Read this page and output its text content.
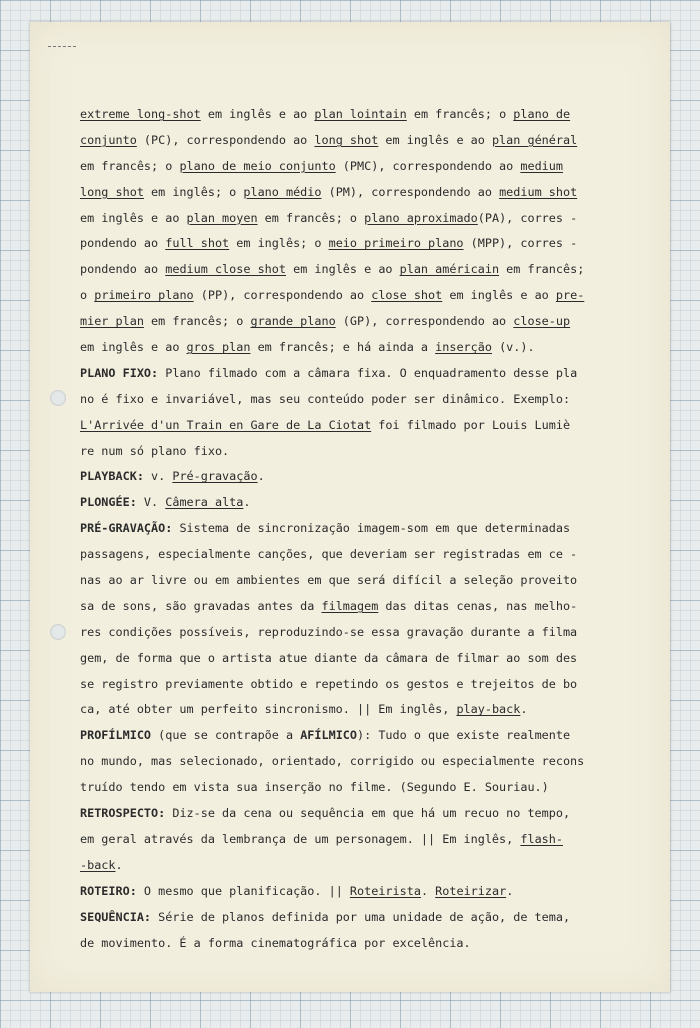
extreme long-shot em inglês e ao plan lointain em francês; o plano de
conjunto (PC), correspondendo ao long shot em inglês e ao plan général
em francês; o plano de meio conjunto (PMC), correspondendo ao medium
long shot em inglês; o plano médio (PM), correspondendo ao medium shot
em inglês e ao plan moyen em francês; o plano aproximado(PA), corres -
pondendo ao full shot em inglês; o meio primeiro plano (MPP), corres -
pondendo ao medium close shot em inglês e ao plan américain em francês;
o primeiro plano (PP), correspondendo ao close shot em inglês e ao pre-
mier plan em francês; o grande plano (GP), correspondendo ao close-up
em inglês e ao gros plan em francês; e há ainda a inserção (v.).
PLANO FIXO: Plano filmado com a câmara fixa. O enquadramento desse pla
no é fixo e invariável, mas seu conteúdo poder ser dinâmico. Exemplo:
L'Arrivée d'un Train en Gare de La Ciotat foi filmado por Louis Lumiè
re num só plano fixo.
PLAYBACK: v. Pré-gravação.
PLONGÉE: V. Câmera alta.
PRÉ-GRAVAÇÃO: Sistema de sincronização imagem-som em que determinadas
passagens, especialmente canções, que deveriam ser registradas em ce -
nas ao ar livre ou em ambientes em que será difícil a seleção proveito
sa de sons, são gravadas antes da filmagem das ditas cenas, nas melho-
res condições possíveis, reproduzindo-se essa gravação durante a filma
gem, de forma que o artista atue diante da câmara de filmar ao som des
se registro previamente obtido e repetindo os gestos e trejeitos de bo
ca, até obter um perfeito sincronismo. || Em inglês, play-back.
PROFÍLMICO (que se contrapõe a AFÍLMICO): Tudo o que existe realmente
no mundo, mas selecionado, orientado, corrigido ou especialmente recons
truído tendo em vista sua inserção no filme. (Segundo E. Souriau.)
RETROSPECTO: Diz-se da cena ou sequência em que há um recuo no tempo,
em geral através da lembrança de um personagem. || Em inglês, flash-
-back.
ROTEIRO: O mesmo que planificação. || Roteirista. Roteirizar.
SEQUÊNCIA: Série de planos definida por uma unidade de ação, de tema,
de movimento. É a forma cinematográfica por excelência.
